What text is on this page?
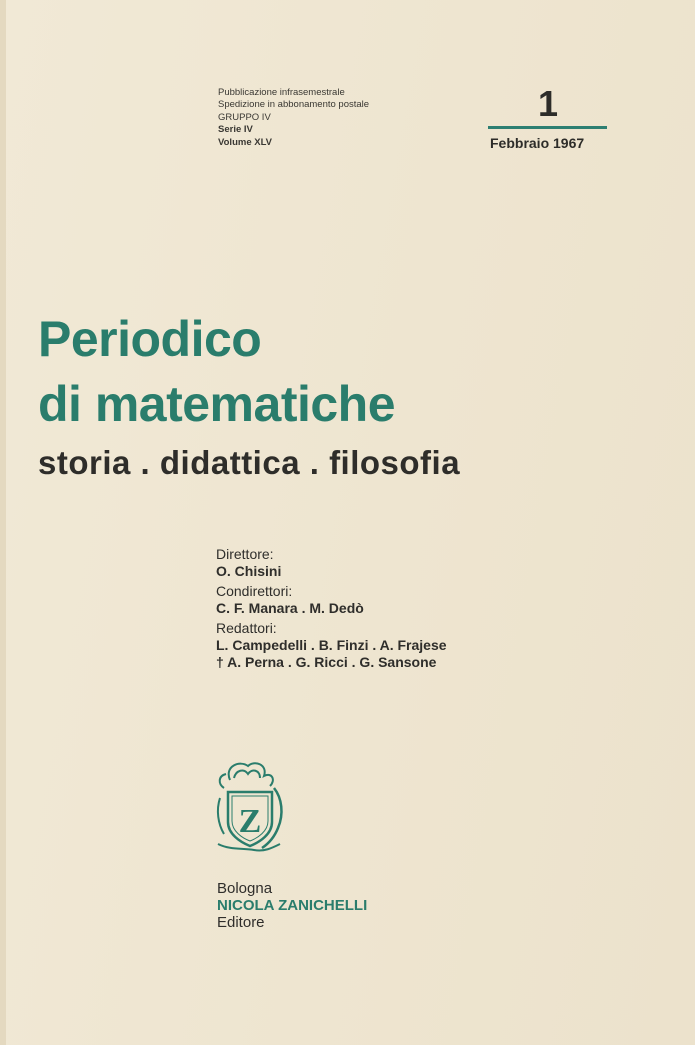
Pubblicazione infrasemestrale
Spedizione in abbonamento postale
GRUPPO IV
Serie IV
Volume XLV
1
Febbraio 1967
Periodico
di matematiche
storia . didattica . filosofia
Direttore:
O. Chisini
Condirettori:
C. F. Manara . M. Dedò
Redattori:
L. Campedelli . B. Finzi . A. Frajese
† A. Perna . G. Ricci . G. Sansone
Z
Bologna
NICOLA ZANICHELLI
Editore
